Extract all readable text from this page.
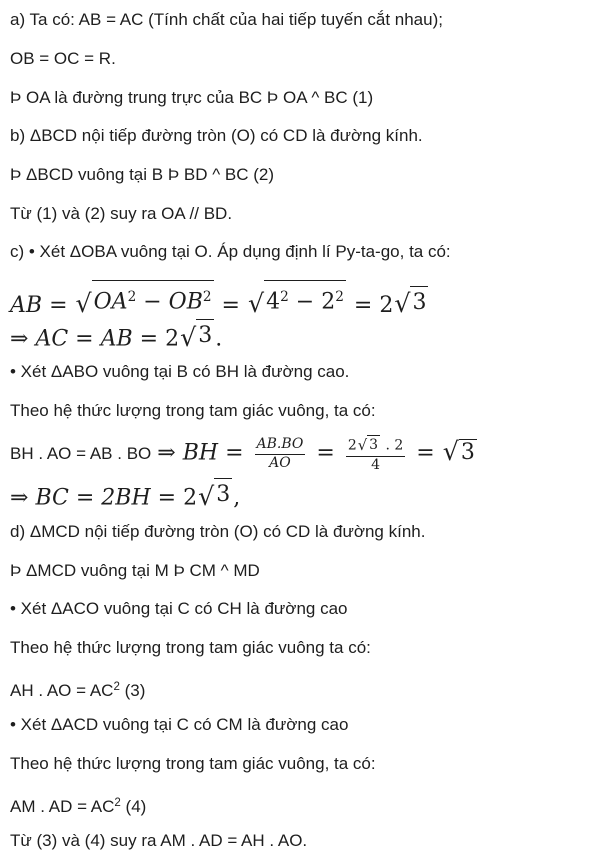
a) Ta có: AB = AC (Tính chất của hai tiếp tuyến cắt nhau);
OB = OC = R.
Þ OA là đường trung trực của BC Þ OA ^ BC (1)
b) ΔBCD nội tiếp đường tròn (O) có CD là đường kính.
Þ ΔBCD vuông tại B Þ BD ^ BC (2)
Từ (1) và (2) suy ra OA // BD.
c) • Xét ΔOBA vuông tại O. Áp dụng định lí Py-ta-go, ta có:
AB = √ $OA^2 - OB^2$ = √ $4^2 - 2^2 = 2$ √ 3
⇒ AC = AB = 2 √ 3 .
• Xét ΔABO vuông tại B có BH là đường cao.
Theo hệ thức lượng trong tam giác vuông, ta có:
BH . AO = AB . BO ⇒ BH = $\frac{AB.BO}{AO} = \frac{2 √ 3 . 2}{4}$ = √ 3
⇒ BC = 2BH = 2 √ 3 ,
d) ΔMCD nội tiếp đường tròn (O) có CD là đường kính.
Þ ΔMCD vuông tại M Þ CM ^ MD
• Xét ΔACO vuông tại C có CH là đường cao
Theo hệ thức lượng trong tam giác vuông ta có:
AH . AO = $AC^2$ (3)
• Xét ΔACD vuông tại C có CM là đường cao
Theo hệ thức lượng trong tam giác vuông, ta có:
AM . AD = $AC^2$ (4)
Từ (3) và (4) suy ra AM . AD = AH . AO.
